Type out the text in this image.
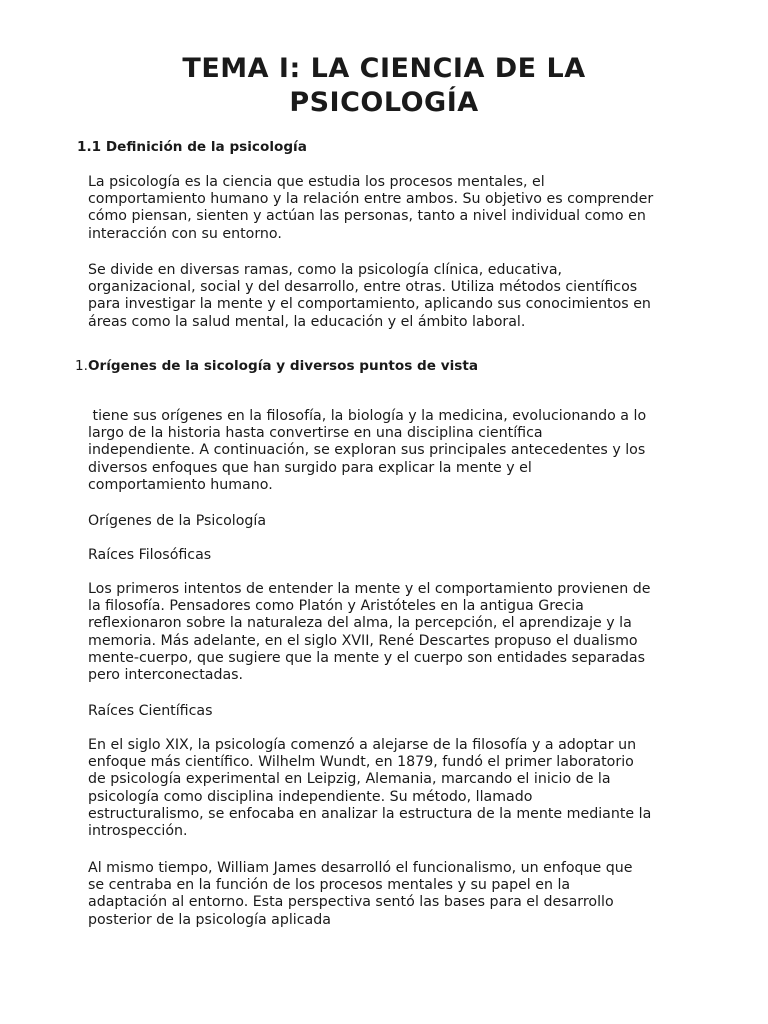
TEMA I: LA CIENCIA DE LA
PSICOLOGÍA
1.1 Definición de la psicología

La psicología es la ciencia que estudia los procesos mentales, el
comportamiento humano y la relación entre ambos. Su objetivo es comprender
cómo piensan, sienten y actúan las personas, tanto a nivel individual como en
interacción con su entorno.

Se divide en diversas ramas, como la psicología clínica, educativa,
organizacional, social y del desarrollo, entre otras. Utiliza métodos científicos
para investigar la mente y el comportamiento, aplicando sus conocimientos en
áreas como la salud mental, la educación y el ámbito laboral.

1.Orígenes de la sicología y diversos puntos de vista

tiene sus orígenes en la filosofía, la biología y la medicina, evolucionando a lo
largo de la historia hasta convertirse en una disciplina científica
independiente. A continuación, se exploran sus principales antecedentes y los
diversos enfoques que han surgido para explicar la mente y el
comportamiento humano.

Orígenes de la Psicología

Raíces Filosóficas

Los primeros intentos de entender la mente y el comportamiento provienen de
la filosofía. Pensadores como Platón y Aristóteles en la antigua Grecia
reflexionaron sobre la naturaleza del alma, la percepción, el aprendizaje y la
memoria. Más adelante, en el siglo XVII, René Descartes propuso el dualismo
mente-cuerpo, que sugiere que la mente y el cuerpo son entidades separadas
pero interconectadas.

Raíces Científicas

En el siglo XIX, la psicología comenzó a alejarse de la filosofía y a adoptar un
enfoque más científico. Wilhelm Wundt, en 1879, fundó el primer laboratorio
de psicología experimental en Leipzig, Alemania, marcando el inicio de la
psicología como disciplina independiente. Su método, llamado
estructuralismo, se enfocaba en analizar la estructura de la mente mediante la
introspección.

Al mismo tiempo, William James desarrolló el funcionalismo, un enfoque que
se centraba en la función de los procesos mentales y su papel en la
adaptación al entorno. Esta perspectiva sentó las bases para el desarrollo
posterior de la psicología aplicada
